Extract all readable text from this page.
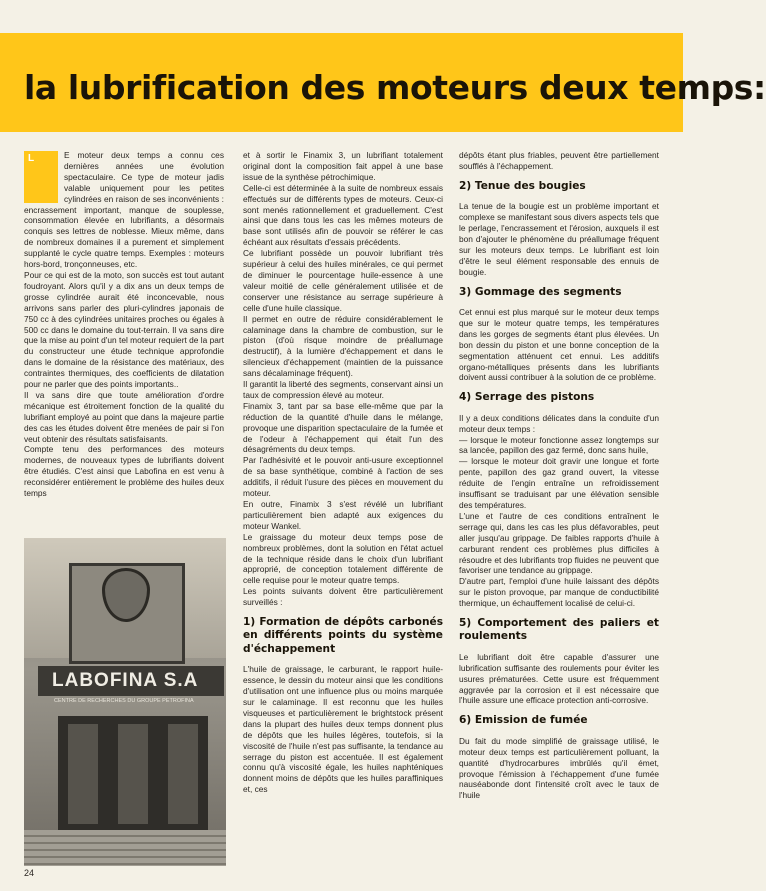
la lubrification des moteurs deux temps:
L	E moteur deux temps a connu ces dernières années une évolution spectaculaire. Ce type de moteur jadis valable uniquement pour les petites cylindrées en raison de ses inconvénients : encrassement important, manque de souplesse, consommation élevée en lubrifiants, a désormais conquis ses lettres de noblesse. Mieux même, dans de nombreux domaines il a purement et simplement supplanté le cycle quatre temps. Exemples : moteurs hors-bord, tronçonneuses, etc.

Pour ce qui est de la moto, son succès est tout autant foudroyant. Alors qu'il y a dix ans un deux temps de grosse cylindrée aurait été inconcevable, nous arrivons sans parler des pluri-cylindres japonais de 750 cc à des cylindrées unitaires proches ou égales à 500 cc dans le domaine du tout-terrain. Il va sans dire que la mise au point d'un tel moteur requiert de la part du constructeur une étude technique approfondie dans le domaine de la résistance des matériaux, des contraintes thermiques, des coefficients de dilatation pour ne parler que des points importants..

Il va sans dire que toute amélioration d'ordre mécanique est étroitement fonction de la qualité du lubrifiant employé au point que dans la majeure partie des cas les études doivent être menées de pair si l'on veut obtenir des résultats satisfaisants.

Compte tenu des performances des moteurs modernes, de nouveaux types de lubrifiants doivent être étudiés. C'est ainsi que Labofina en est venu à reconsidérer entièrement le problème des huiles deux temps

LABOFINA S.A
CENTRE DE RECHERCHES DU GROUPE PETROFINA

et à sortir le Finamix 3, un lubrifiant totalement original dont la composition fait appel à une base issue de la synthèse pétrochimique.

Celle-ci est déterminée à la suite de nombreux essais effectués sur de différents types de moteurs. Ceux-ci sont menés rationnellement et graduellement. C'est ainsi que dans tous les cas les mêmes moteurs de base sont utilisés afin de pouvoir se référer le cas échéant aux résultats d'essais précédents.

Ce lubrifiant possède un pouvoir lubrifiant très supérieur à celui des huiles minérales, ce qui permet de diminuer le pourcentage huile-essence à une valeur moitié de celle généralement utilisée et de conserver une résistance au serrage supérieure à celle d'une huile classique.

Il permet en outre de réduire considérablement le calaminage dans la chambre de combustion, sur le piston (d'où risque moindre de préallumage destructif), à la lumière d'échappement et dans le silencieux d'échappement (maintien de la puissance sans décalaminage fréquent).

Il garantit la liberté des segments, conservant ainsi un taux de compression élevé au moteur.

Finamix 3, tant par sa base elle-même que par la réduction de la quantité d'huile dans le mélange, provoque une disparition spectaculaire de la fumée et de l'odeur à l'échappement qui était l'un des désagréments du deux temps.

Par l'adhésivité et le pouvoir anti-usure exceptionnel de sa base synthétique, combiné à l'action de ses additifs, il réduit l'usure des pièces en mouvement du moteur.

En outre, Finamix 3 s'est révélé un lubrifiant particulièrement bien adapté aux exigences du moteur Wankel.

Le graissage du moteur deux temps pose de nombreux problèmes, dont la solution en l'état actuel de la technique réside dans le choix d'un lubrifiant approprié, de conception totalement différente de celle requise pour le moteur quatre temps.

Les points suivants doivent être particulièrement surveillés :

1) Formation de dépôts carbonés en différents points du système d'échappement

L'huile de graissage, le carburant, le rapport huile-essence, le dessin du moteur ainsi que les conditions d'utilisation ont une influence plus ou moins marquée sur le calaminage. Il est reconnu que les huiles visqueuses et particulièrement le brightstock présent dans la plupart des huiles deux temps donnent plus de dépôts que les huiles légères, toutefois, si la viscosité de l'huile n'est pas suffisante, la tendance au serrage du piston est accentuée. Il est également connu qu'à viscosité égale, les huiles naphténiques donnent moins de dépôts que les huiles paraffiniques et, ces

dépôts étant plus friables, peuvent être partiellement soufflés à l'échappement.

2) Tenue des bougies

La tenue de la bougie est un problème important et complexe se manifestant sous divers aspects tels que le perlage, l'encrassement et l'érosion, auxquels il est bon d'ajouter le phénomène du préallumage fréquent sur les moteurs deux temps. Le lubrifiant est loin d'être le seul élément responsable des ennuis de bougie.

3) Gommage des segments

Cet ennui est plus marqué sur le moteur deux temps que sur le moteur quatre temps, les températures dans les gorges de segments étant plus élevées. Un bon dessin du piston et une bonne conception de la segmentation atténuent cet ennui. Les additifs organo-métalliques présents dans les lubrifiants doivent aussi contribuer à la solution de ce problème.

4) Serrage des pistons

Il y a deux conditions délicates dans la conduite d'un moteur deux temps :

— lorsque le moteur fonctionne assez longtemps sur sa lancée, papillon des gaz fermé, donc sans huile,

— lorsque le moteur doit gravir une longue et forte pente, papillon des gaz grand ouvert, la vitesse réduite de l'engin entraîne un refroidissement insuffisant se traduisant par une élévation sensible des températures.

L'une et l'autre de ces conditions entraînent le serrage qui, dans les cas les plus défavorables, peut aller jusqu'au grippage. De faibles rapports d'huile à carburant rendent ces problèmes plus difficiles à résoudre et des lubrifiants trop fluides ne peuvent que favoriser une tendance au grippage.

D'autre part, l'emploi d'une huile laissant des dépôts sur le piston provoque, par manque de conductibilité thermique, un échauffement localisé de celui-ci.

5) Comportement des paliers et roulements

Le lubrifiant doit être capable d'assurer une lubrification suffisante des roulements pour éviter les usures prématurées. Cette usure est fréquemment aggravée par la corrosion et il est nécessaire que l'huile assure une efficace protection anti-corrosive.

6) Emission de fumée

Du fait du mode simplifié de graissage utilisé, le moteur deux temps est particulièrement polluant, la quantité d'hydrocarbures imbrûlés qu'il émet, provoque l'émission à l'échappement d'une fumée nauséabonde dont l'intensité croît avec le taux de l'huile

24
